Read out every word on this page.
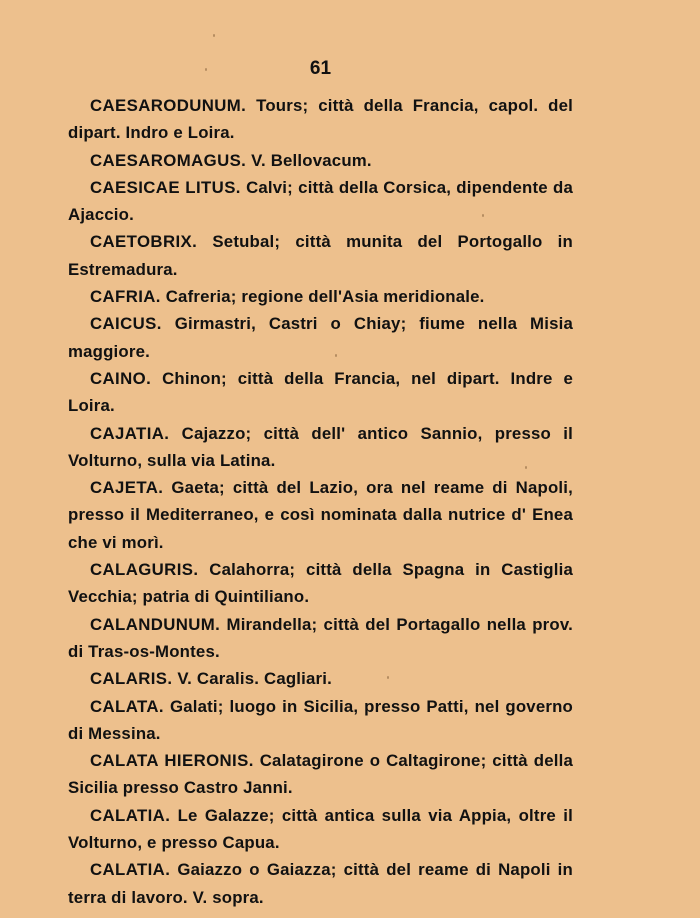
61

CAESARODUNUM. Tours; città della Francia, capol. del dipart. Indro e Loira.

CAESAROMAGUS. V. Bellovacum.

CAESICAE LITUS. Calvi; città della Corsica, dipendente da Ajaccio.

CAETOBRIX. Setubal; città munita del Portogallo in Estremadura.

CAFRIA. Cafreria; regione dell'Asia meridionale.

CAICUS. Girmastri, Castri o Chiay; fiume nella Misia maggiore.

CAINO. Chinon; città della Francia, nel dipart. Indre e Loira.

CAJATIA. Cajazzo; città dell' antico Sannio, presso il Volturno, sulla via Latina.

CAJETA. Gaeta; città del Lazio, ora nel reame di Napoli, presso il Mediterraneo, e così nominata dalla nutrice d' Enea che vi morì.

CALAGURIS. Calahorra; città della Spagna in Castiglia Vecchia; patria di Quintiliano.

CALANDUNUM. Mirandella; città del Portagallo nella prov. di Tras-os-Montes.

CALARIS. V. Caralis. Cagliari.

CALATA. Galati; luogo in Sicilia, presso Patti, nel governo di Messina.

CALATA HIERONIS. Calatagirone o Caltagirone; città della Sicilia presso Castro Janni.

CALATIA. Le Galazze; città antica sulla via Appia, oltre il Volturno, e presso Capua.

CALATIA. Gaiazzo o Gaiazza; città del reame di Napoli in terra di lavoro. V. sopra.
